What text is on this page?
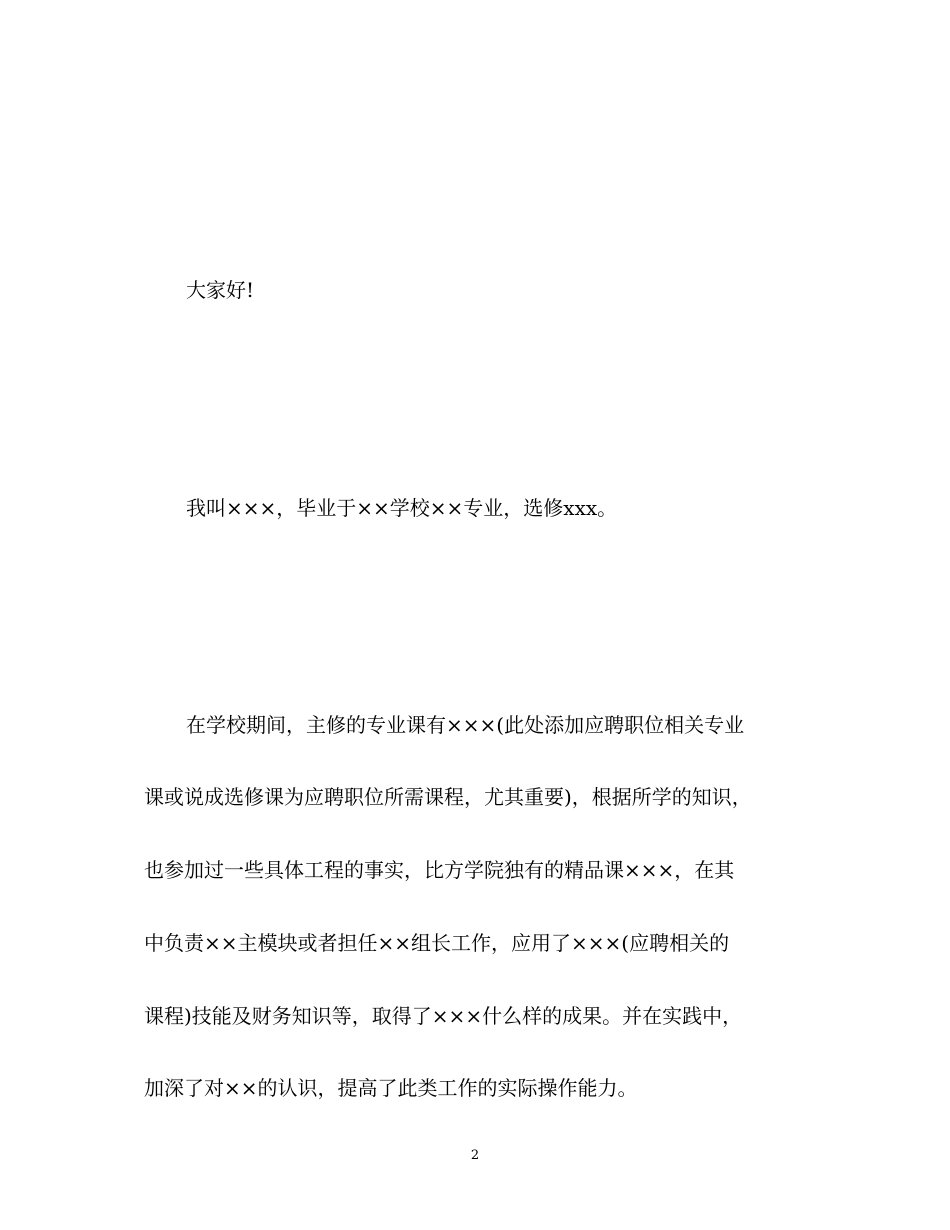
大家好!

我叫×××，毕业于××学校××专业，选修xxx。

在学校期间，主修的专业课有×××(此处添加应聘职位相关专业

课或说成选修课为应聘职位所需课程，尤其重要)，根据所学的知识，

也参加过一些具体工程的事实，比方学院独有的精品课×××，在其

中负责××主模块或者担任××组长工作，应用了×××(应聘相关的

课程)技能及财务知识等，取得了×××什么样的成果。并在实践中，

加深了对××的认识，提高了此类工作的实际操作能力。

2
